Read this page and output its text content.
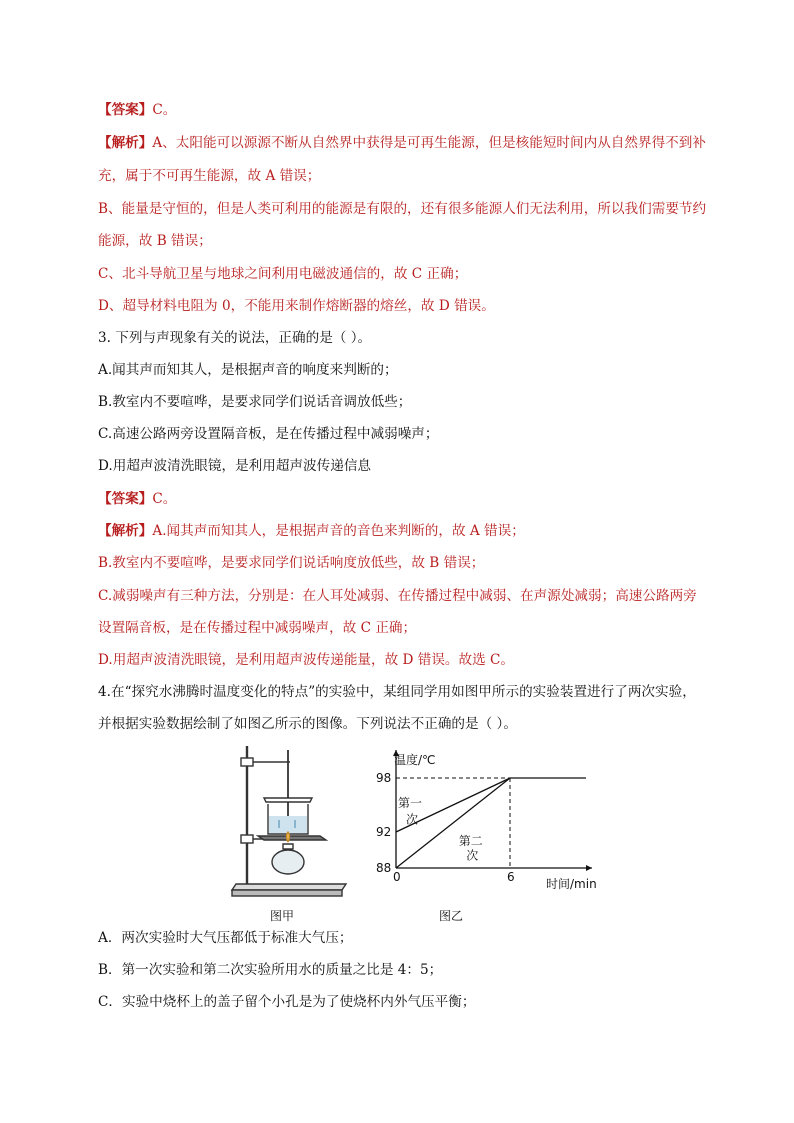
【答案】C。
【解析】A、太阳能可以源源不断从自然界中获得是可再生能源，但是核能短时间内从自然界得不到补
充，属于不可再生能源，故 A 错误；
B、能量是守恒的，但是人类可利用的能源是有限的，还有很多能源人们无法利用，所以我们需要节约
能源，故 B 错误；
C、北斗导航卫星与地球之间利用电磁波通信的，故 C 正确；
D、超导材料电阻为 0，不能用来制作熔断器的熔丝，故 D 错误。
3. 下列与声现象有关的说法，正确的是（ ）。
A.闻其声而知其人，是根据声音的响度来判断的；
B.教室内不要喧哗，是要求同学们说话音调放低些；
C.高速公路两旁设置隔音板，是在传播过程中减弱噪声；
D.用超声波清洗眼镜，是利用超声波传递信息
【答案】C。
【解析】A.闻其声而知其人，是根据声音的音色来判断的，故 A 错误；
B.教室内不要喧哗，是要求同学们说话响度放低些，故 B 错误；
C.减弱噪声有三种方法，分别是：在人耳处减弱、在传播过程中减弱、在声源处减弱；高速公路两旁
设置隔音板，是在传播过程中减弱噪声，故 C 正确；
D.用超声波清洗眼镜，是利用超声波传递能量，故 D 错误。故选 C。
4.在“探究水沸腾时温度变化的特点”的实验中，某组同学用如图甲所示的实验装置进行了两次实验，
并根据实验数据绘制了如图乙所示的图像。下列说法不正确的是（ ）。
图甲
温度/℃
时间/min
88
92
98
0	6
第一
次
第二
次
图乙
A．两次实验时大气压都低于标准大气压；
B．第一次实验和第二次实验所用水的质量之比是 4：5；
C．实验中烧杯上的盖子留个小孔是为了使烧杯内外气压平衡；
